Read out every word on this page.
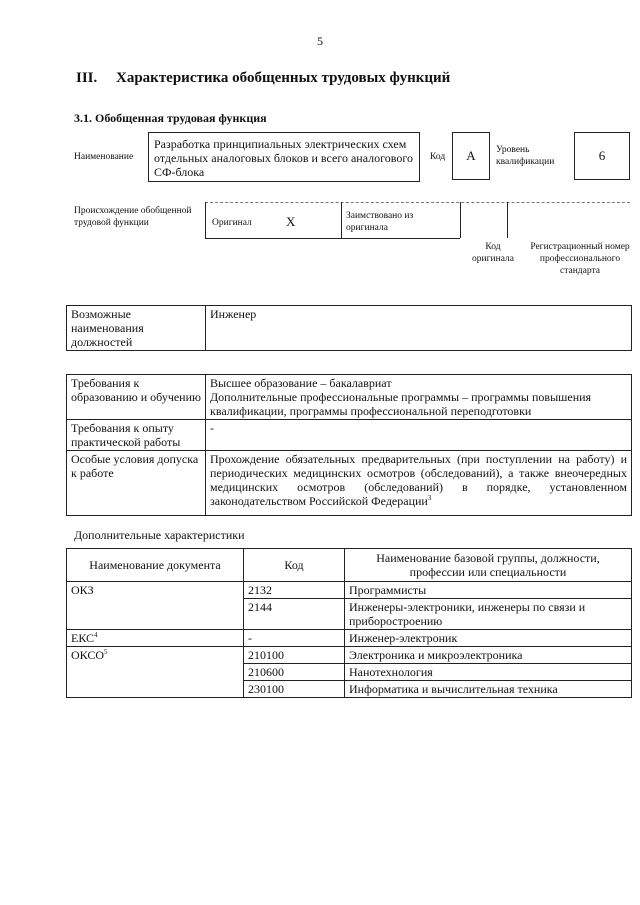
5
III. Характеристика обобщенных трудовых функций
3.1. Обобщенная трудовая функция
Наименование
Разработка принципиальных электрических схем отдельных аналоговых блоков и всего аналогового СФ-блока
Код	А	Уровень квалификации	6
Происхождение обобщенной трудовой функции	Оригинал	X	Заимствовано из оригинала
Код оригинала
Регистрационный номер профессионального стандарта
Возможные наименования должностей	Инженер
Требования к образованию и обучению	Высшее образование – бакалавриат
Дополнительные профессиональные программы – программы повышения квалификации, программы профессиональной переподготовки

Требования к опыту практической работы	-
Особые условия допуска к работе	Прохождение обязательных предварительных (при поступлении на работу) и периодических медицинских осмотров (обследований), а также внеочередных медицинских осмотров (обследований) в порядке, установленном законодательством Российской Федерации$^3$
Дополнительные характеристики
Наименование документа	Код	Наименование базовой группы, должности, профессии или специальности
ОКЗ	2132	Программисты
	2144	Инженеры-электроники, инженеры по связи и приборостроению
ЕКС$^4$	-	Инженер-электроник
ОКСО$^5$	210100	Электроника и микроэлектроника
	210600	Нанотехнология
	230100	Информатика и вычислительная техника
